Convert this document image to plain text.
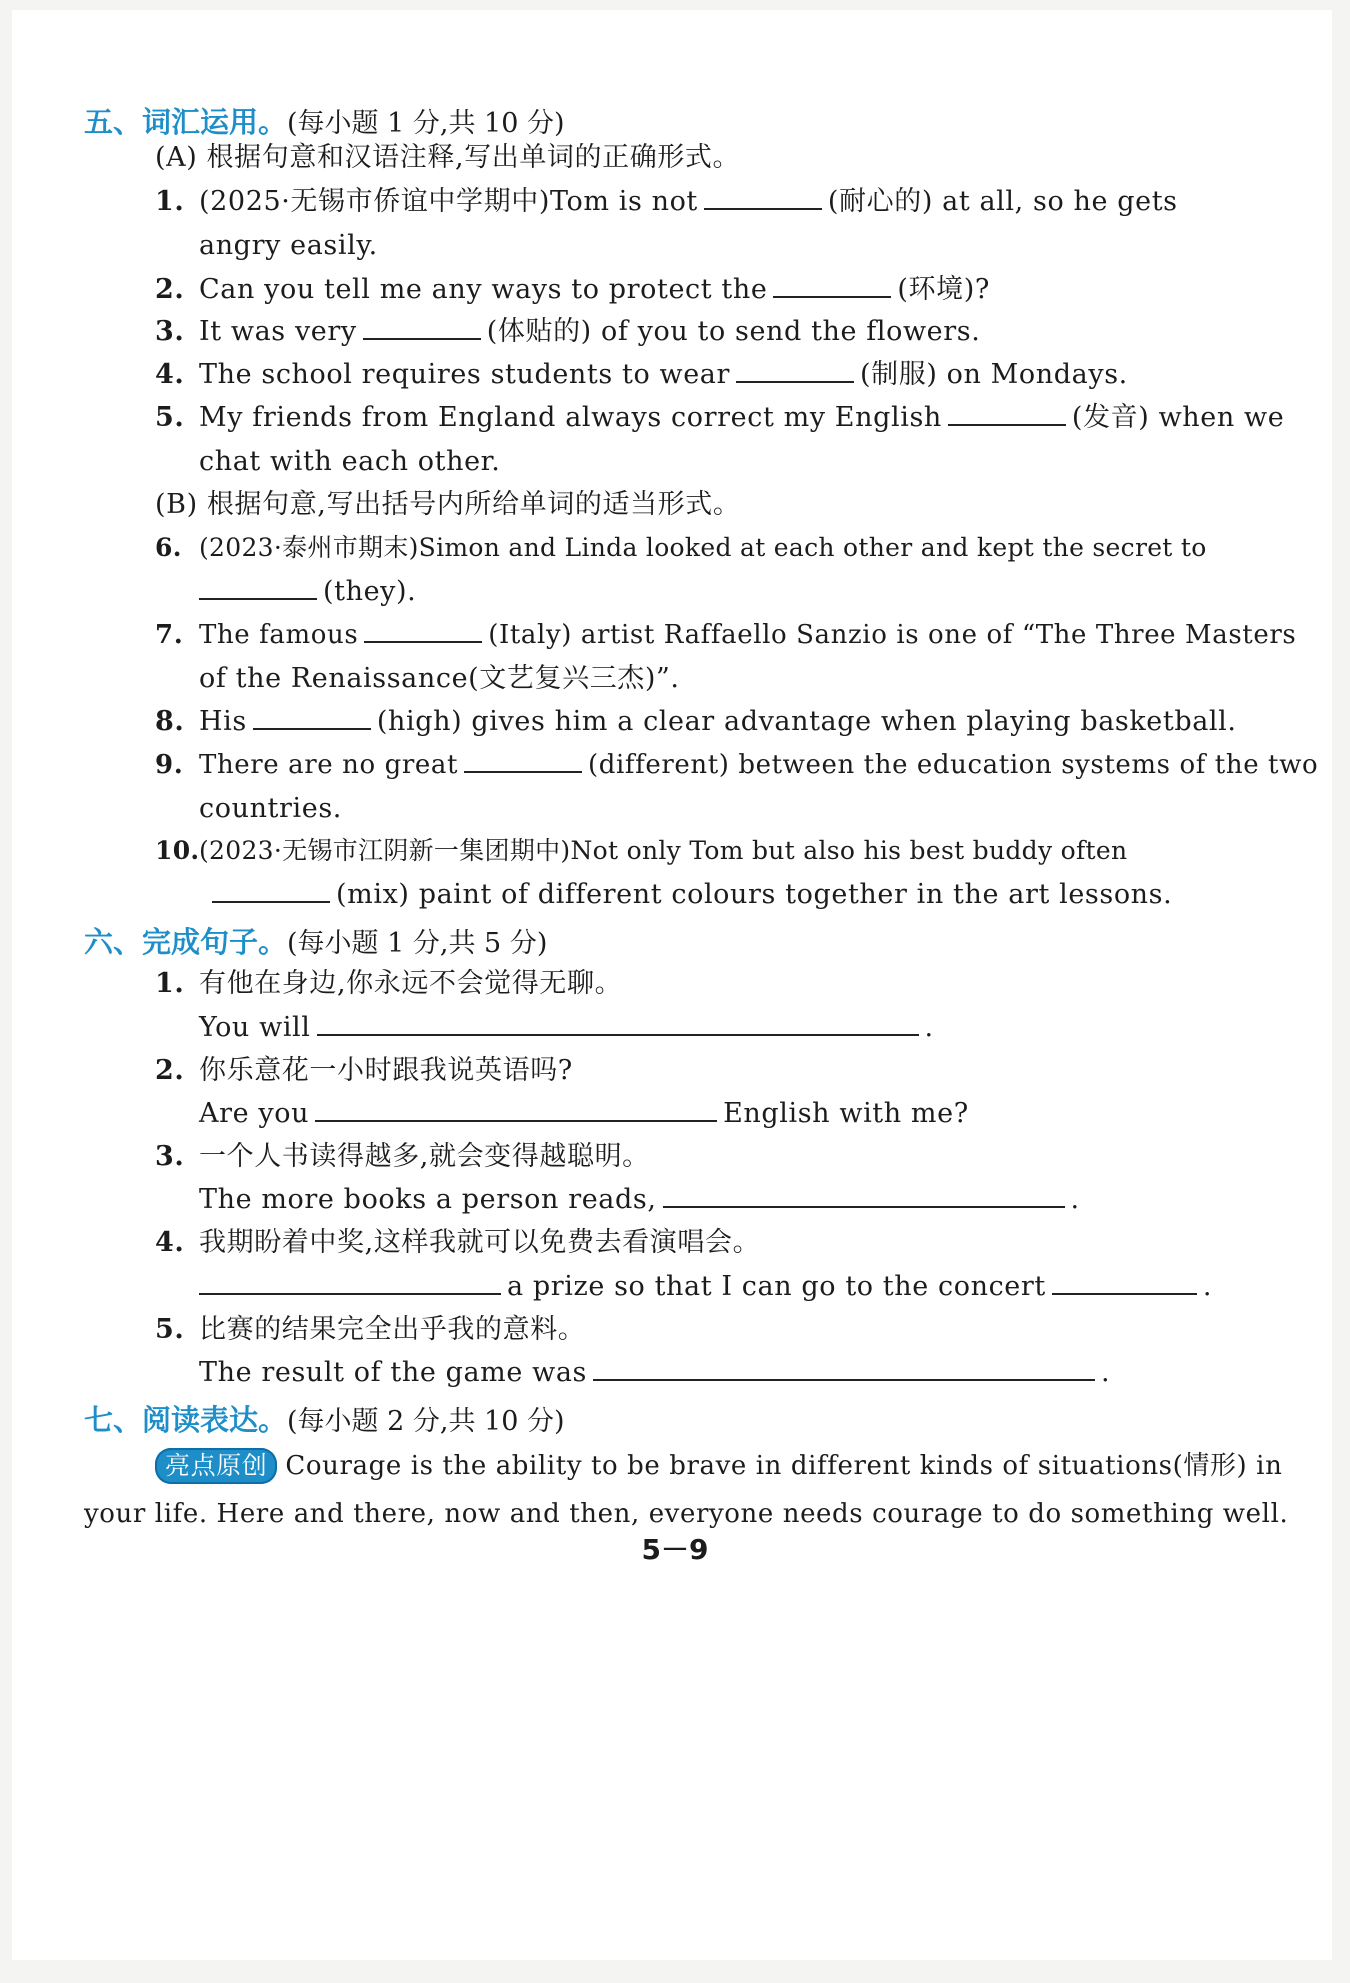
五、词汇运用。(每小题 1 分,共 10 分)
(A) 根据句意和汉语注释,写出单词的正确形式。
1. (2025·无锡市侨谊中学期中)Tom is not	(耐心的) at all, so he gets
angry easily.
2. Can you tell me any ways to protect the	(环境)?
3. It was very	(体贴的) of you to send the flowers.
4. The school requires students to wear	(制服) on Mondays.
5. My friends from England always correct my English	(发音) when we
chat with each other.
(B) 根据句意,写出括号内所给单词的适当形式。
6. (2023·泰州市期末)Simon and Linda looked at each other and kept the secret to
(they).
7. The famous	(Italy) artist Raffaello Sanzio is one of “The Three Masters
of the Renaissance(文艺复兴三杰)”.
8. His	(high) gives him a clear advantage when playing basketball.
9. There are no great	(different) between the education systems of the two
countries.
10.(2023·无锡市江阴新一集团期中)Not only Tom but also his best buddy often
(mix) paint of different colours together in the art lessons.
六、完成句子。(每小题 1 分,共 5 分)
1. 有他在身边,你永远不会觉得无聊。
You will	.
2. 你乐意花一小时跟我说英语吗?
Are you	English with me?
3. 一个人书读得越多,就会变得越聪明。
The more books a person reads,	.
4. 我期盼着中奖,这样我就可以免费去看演唱会。
a prize so that I can go to the concert	.
5. 比赛的结果完全出乎我的意料。
The result of the game was	.
七、阅读表达。(每小题 2 分,共 10 分)
亮点原创 Courage is the ability to be brave in different kinds of situations(情形) in
your life. Here and there, now and then, everyone needs courage to do something well.
5－9
